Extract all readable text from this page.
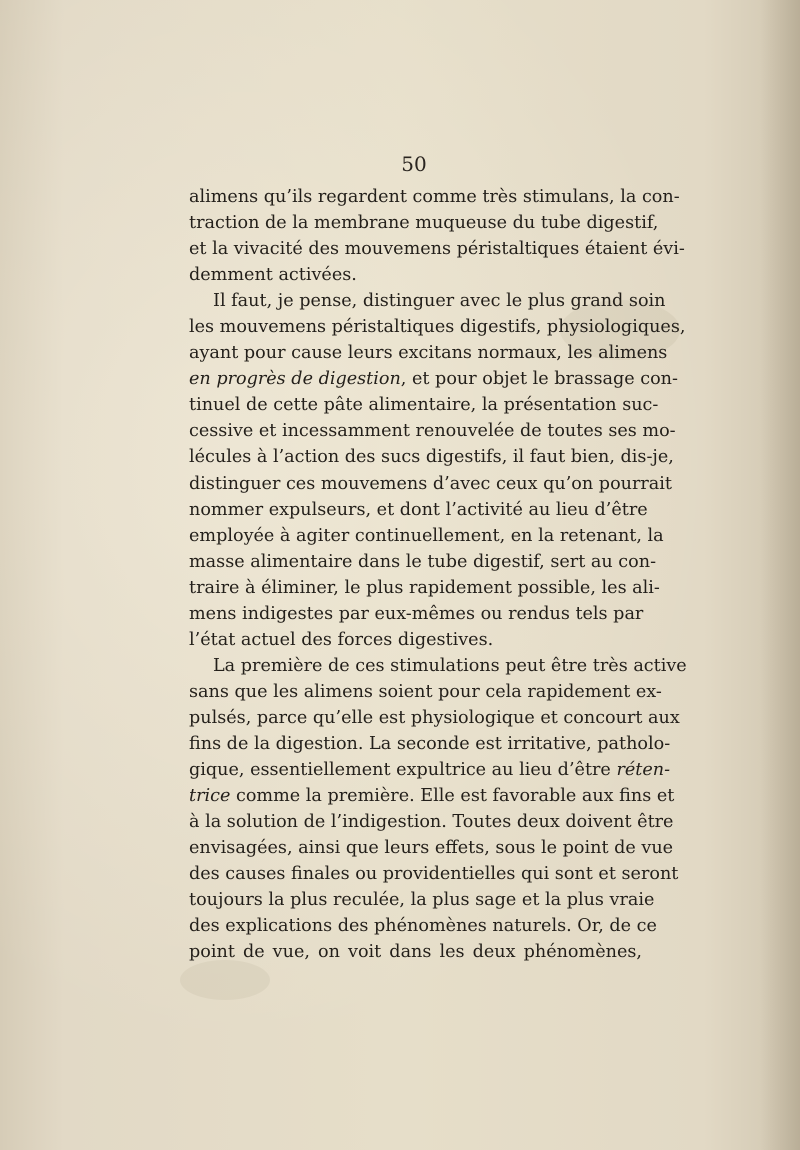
50
alimens qu’ils regardent comme très stimulans, la con-
traction de la membrane muqueuse du tube digestif,
et la vivacité des mouvemens péristaltiques étaient évi-
demment activées.
Il faut, je pense, distinguer avec le plus grand soin
les mouvemens péristaltiques digestifs, physiologiques,
ayant pour cause leurs excitans normaux, les alimens
en progrès de digestion, et pour objet le brassage con-
tinuel de cette pâte alimentaire, la présentation suc-
cessive et incessamment renouvelée de toutes ses mo-
lécules à l’action des sucs digestifs, il faut bien, dis-je,
distinguer ces mouvemens d’avec ceux qu’on pourrait
nommer expulseurs, et dont l’activité au lieu d’être
employée à agiter continuellement, en la retenant, la
masse alimentaire dans le tube digestif, sert au con-
traire à éliminer, le plus rapidement possible, les ali-
mens indigestes par eux-mêmes ou rendus tels par
l’état actuel des forces digestives.
La première de ces stimulations peut être très active
sans que les alimens soient pour cela rapidement ex-
pulsés, parce qu’elle est physiologique et concourt aux
fins de la digestion. La seconde est irritative, patholo-
gique, essentiellement expultrice au lieu d’être réten-
trice comme la première. Elle est favorable aux fins et
à la solution de l’indigestion. Toutes deux doivent être
envisagées, ainsi que leurs effets, sous le point de vue
des causes finales ou providentielles qui sont et seront
toujours la plus reculée, la plus sage et la plus vraie
des explications des phénomènes naturels. Or, de ce
point de vue, on voit dans les deux phénomènes,
